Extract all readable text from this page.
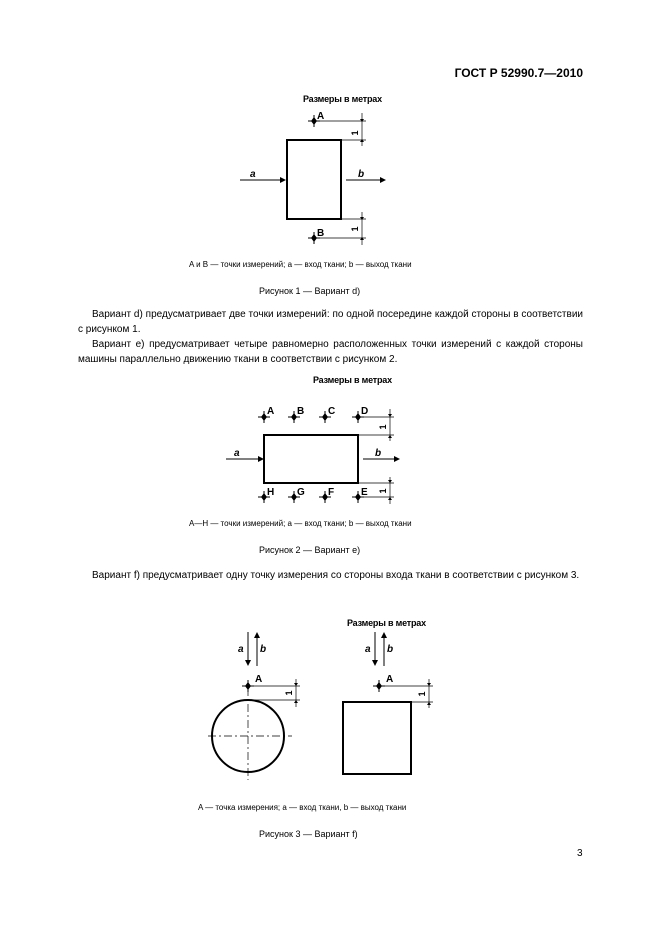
ГОСТ Р 52990.7—2010
Размеры в метрах
a	b
A
1
B	1
A и B — точки измерений; a — вход ткани; b — выход ткани
Рисунок 1 — Вариант d)

Вариант d) предусматривает две точки измерений: по одной посередине каждой стороны в соответствии с рисунком 1.

Вариант e) предусматривает четыре равномерно расположенных точки измерений с каждой стороны машины параллельно движению ткани в соответствии с рисунком 2.

Размеры в метрах
a	b
A B C	D
H G F	E
1
1
A—H — точки измерений; a — вход ткани; b — выход ткани
Рисунок 2 — Вариант e)

Вариант f) предусматривает одну точку измерения со стороны входа ткани в соответствии с рисунком 3.

Размеры в метрах
a b
A
1
a b
A
1
A — точка измерения; a — вход ткани, b — выход ткани
Рисунок 3 — Вариант f)
3
